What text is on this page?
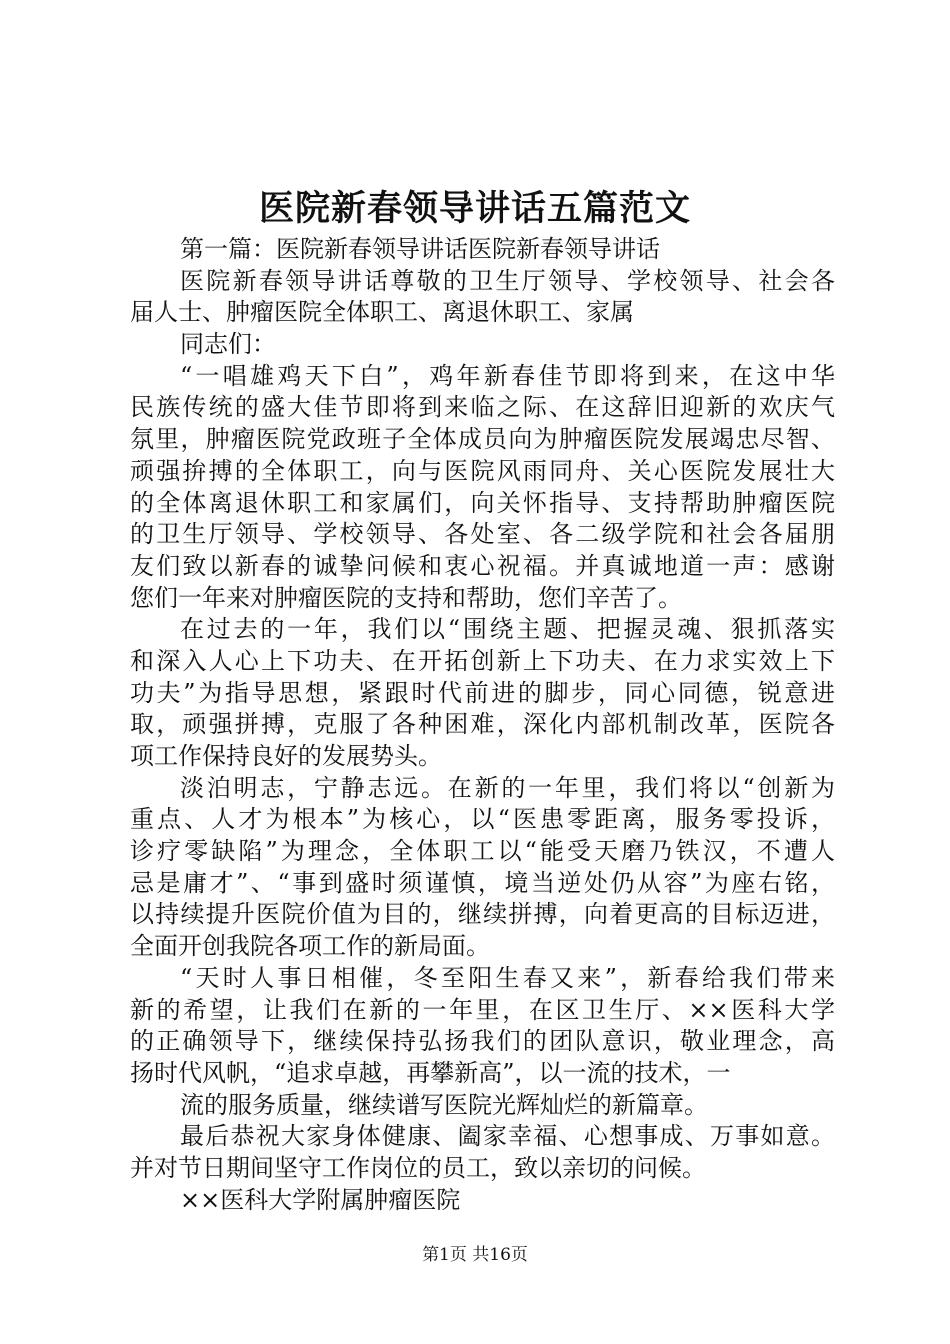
医院新春领导讲话五篇范文
第一篇：医院新春领导讲话医院新春领导讲话
医院新春领导讲话尊敬的卫生厅领导、学校领导、社会各
届人士、肿瘤医院全体职工、离退休职工、家属
同志们：
“一唱雄鸡天下白”，鸡年新春佳节即将到来，在这中华
民族传统的盛大佳节即将到来临之际、在这辞旧迎新的欢庆气
氛里，肿瘤医院党政班子全体成员向为肿瘤医院发展竭忠尽智、
顽强拚搏的全体职工，向与医院风雨同舟、关心医院发展壮大
的全体离退休职工和家属们，向关怀指导、支持帮助肿瘤医院
的卫生厅领导、学校领导、各处室、各二级学院和社会各届朋
友们致以新春的诚挚问候和衷心祝福。并真诚地道一声：感谢
您们一年来对肿瘤医院的支持和帮助，您们辛苦了。
在过去的一年，我们以“围绕主题、把握灵魂、狠抓落实
和深入人心上下功夫、在开拓创新上下功夫、在力求实效上下
功夫”为指导思想，紧跟时代前进的脚步，同心同德，锐意进
取，顽强拼搏，克服了各种困难，深化内部机制改革，医院各
项工作保持良好的发展势头。
淡泊明志，宁静志远。在新的一年里，我们将以“创新为
重点、人才为根本”为核心，以“医患零距离，服务零投诉，
诊疗零缺陷”为理念，全体职工以“能受天磨乃铁汉，不遭人
忌是庸才”、“事到盛时须谨慎，境当逆处仍从容”为座右铭，
以持续提升医院价值为目的，继续拼搏，向着更高的目标迈进，
全面开创我院各项工作的新局面。
“天时人事日相催，冬至阳生春又来”，新春给我们带来
新的希望，让我们在新的一年里，在区卫生厅、××医科大学
的正确领导下，继续保持弘扬我们的团队意识，敬业理念，高
扬时代风帆，“追求卓越，再攀新高”，以一流的技术，一
流的服务质量，继续谱写医院光辉灿烂的新篇章。
最后恭祝大家身体健康、阖家幸福、心想事成、万事如意。
并对节日期间坚守工作岗位的员工，致以亲切的问候。
××医科大学附属肿瘤医院
第1页 共16页
